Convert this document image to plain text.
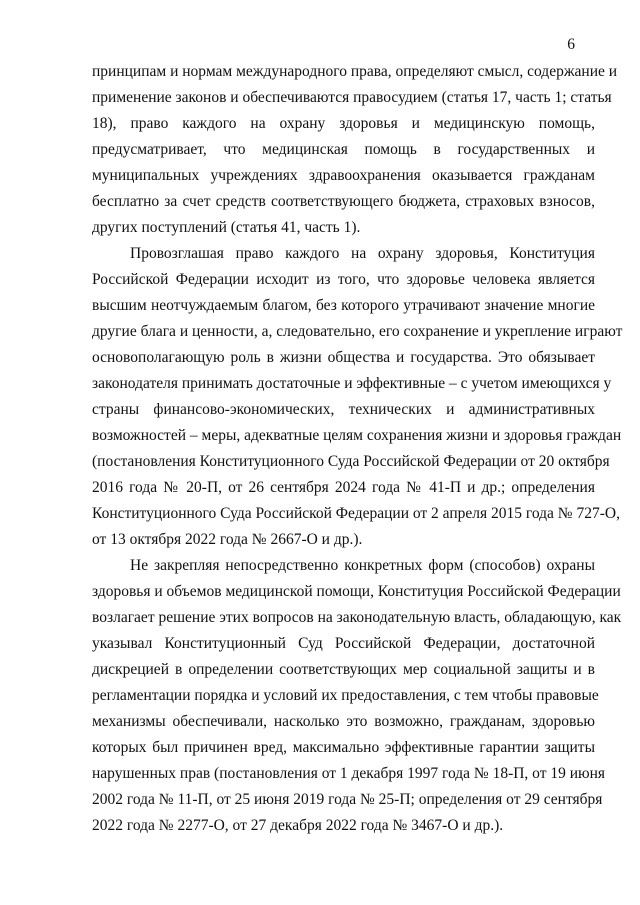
6
принципам и нормам международного права, определяют смысл, содержание и
применение законов и обеспечиваются правосудием (статья 17, часть 1; статья
18), право каждого на охрану здоровья и медицинскую помощь,
предусматривает, что медицинская помощь в государственных и
муниципальных учреждениях здравоохранения оказывается гражданам
бесплатно за счет средств соответствующего бюджета, страховых взносов,
других поступлений (статья 41, часть 1).
Провозглашая право каждого на охрану здоровья, Конституция
Российской Федерации исходит из того, что здоровье человека является
высшим неотчуждаемым благом, без которого утрачивают значение многие
другие блага и ценности, а, следовательно, его сохранение и укрепление играют
основополагающую роль в жизни общества и государства. Это обязывает
законодателя принимать достаточные и эффективные – с учетом имеющихся у
страны финансово-экономических, технических и административных
возможностей – меры, адекватные целям сохранения жизни и здоровья граждан
(постановления Конституционного Суда Российской Федерации от 20 октября
2016 года № 20-П, от 26 сентября 2024 года № 41-П и др.; определения
Конституционного Суда Российской Федерации от 2 апреля 2015 года № 727-О,
от 13 октября 2022 года № 2667-О и др.).
Не закрепляя непосредственно конкретных форм (способов) охраны
здоровья и объемов медицинской помощи, Конституция Российской Федерации
возлагает решение этих вопросов на законодательную власть, обладающую, как
указывал Конституционный Суд Российской Федерации, достаточной
дискрецией в определении соответствующих мер социальной защиты и в
регламентации порядка и условий их предоставления, с тем чтобы правовые
механизмы обеспечивали, насколько это возможно, гражданам, здоровью
которых был причинен вред, максимально эффективные гарантии защиты
нарушенных прав (постановления от 1 декабря 1997 года № 18-П, от 19 июня
2002 года № 11-П, от 25 июня 2019 года № 25-П; определения от 29 сентября
2022 года № 2277-О, от 27 декабря 2022 года № 3467-О и др.).
